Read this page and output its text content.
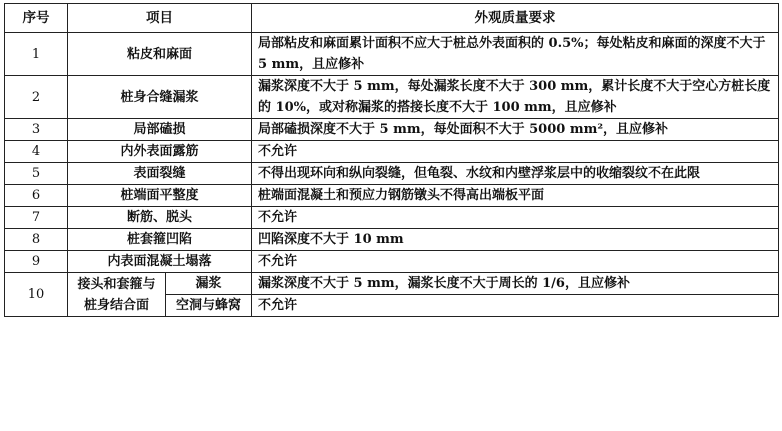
序号	项目		外观质量要求
1	粘皮和麻面		局部粘皮和麻面累计面积不应大于桩总外表面积的 0.5%；每处粘皮和麻面的深度不大于 5 mm，且应修补
2	桩身合缝漏浆		漏浆深度不大于 5 mm，每处漏浆长度不大于 300 mm，累计长度不大于空心方桩长度的 10%，或对称漏浆的搭接长度不大于 100 mm，且应修补
3	局部磕损		局部磕损深度不大于 5 mm，每处面积不大于 5000 mm²，且应修补
4	内外表面露筋		不允许
5	表面裂缝		不得出现环向和纵向裂缝，但龟裂、水纹和内壁浮浆层中的收缩裂纹不在此限
6	桩端面平整度		桩端面混凝土和预应力钢筋镦头不得高出端板平面
7	断筋、脱头		不允许
8	桩套箍凹陷		凹陷深度不大于 10 mm
9	内表面混凝土塌落		不允许
10	接头和套箍与桩身结合面	漏浆	漏浆深度不大于 5 mm，漏浆长度不大于周长的 1/6，且应修补
		空洞与蜂窝	不允许
